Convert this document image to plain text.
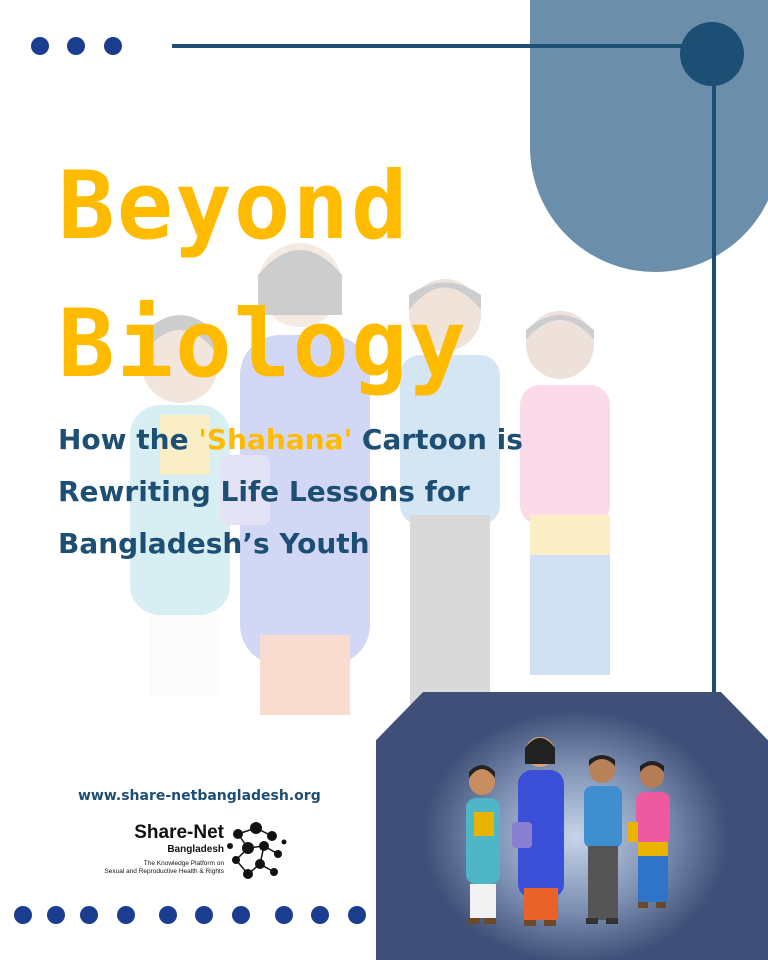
Beyond
Biology
How the 'Shahana' Cartoon is
Rewriting Life Lessons for
Bangladesh’s Youth
www.share-netbangladesh.org
Share-Net
Bangladesh
The Knowledge Platform on
Sexual and Reproductive Health & Rights
